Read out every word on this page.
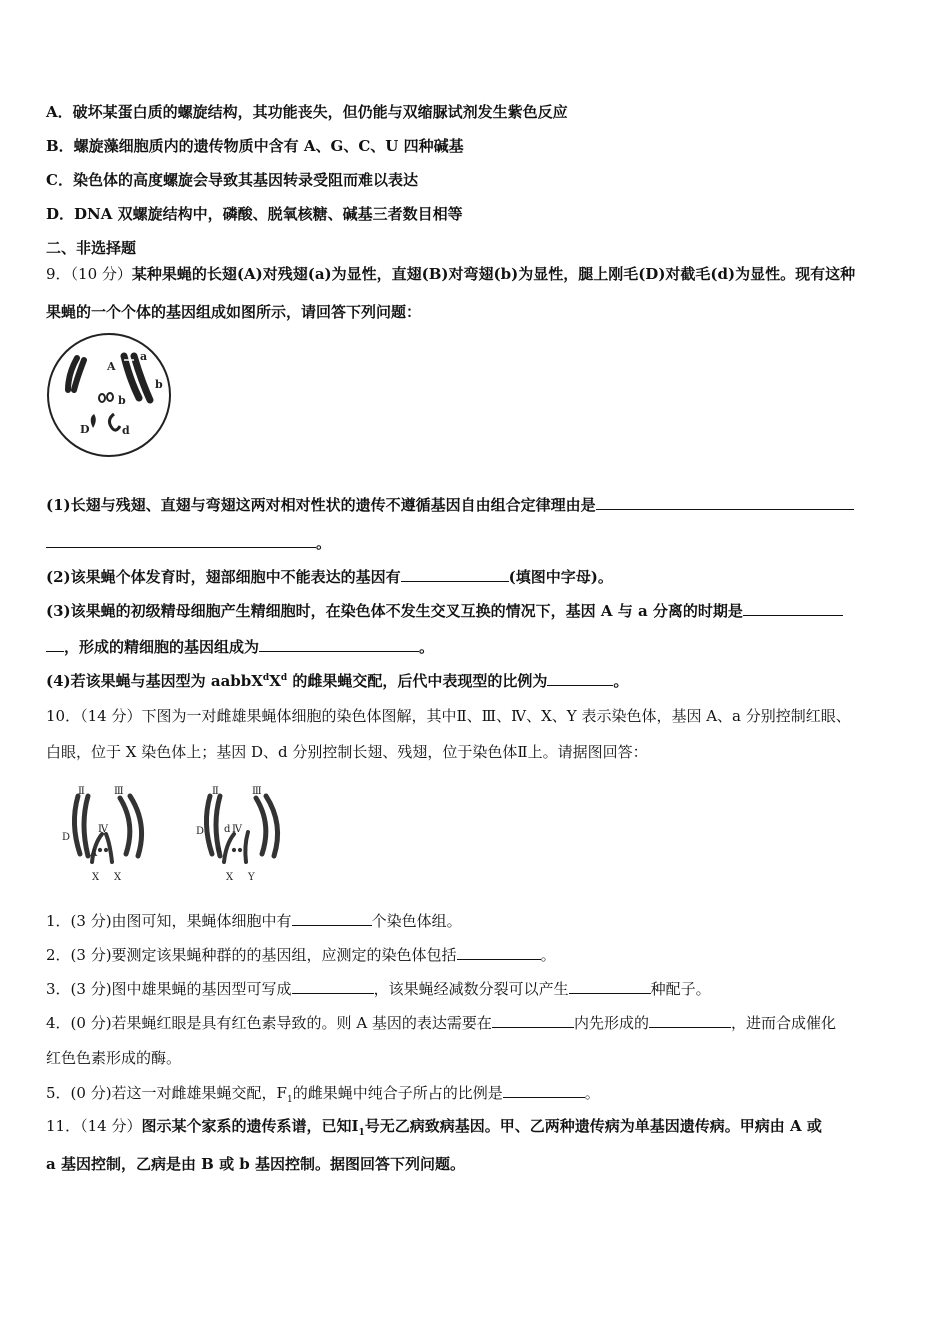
A．破坏某蛋白质的螺旋结构，其功能丧失，但仍能与双缩脲试剂发生紫色反应
B．螺旋藻细胞质内的遗传物质中含有 A、G、C、U 四种碱基
C．染色体的高度螺旋会导致其基因转录受阻而难以表达
D．DNA 双螺旋结构中，磷酸、脱氧核糖、碱基三者数目相等
二、非选择题
9．（10 分）某种果蝇的长翅(A)对残翅(a)为显性，直翅(B)对弯翅(b)为显性，腿上刚毛(D)对截毛(d)为显性。现有这种
果蝇的一个个体的基因组成如图所示，请回答下列问题：
A
a
b
b
D	d
(1)长翅与残翅、直翅与弯翅这两对相对性状的遗传不遵循基因自由组合定律理由是
。
(2)该果蝇个体发育时，翅部细胞中不能表达的基因有	(填图中字母)。
(3)该果蝇的初级精母细胞产生精细胞时，在染色体不发生交叉互换的情况下，基因 A 与 a 分离的时期是
，形成的精细胞的基因组成为	。
(4)若该果蝇与基因型为 $aabbX^dX^d$ 的雌果蝇交配，后代中表现型的比例为	。
10．（14 分）下图为一对雌雄果蝇体细胞的染色体图解，其中Ⅱ、Ⅲ、Ⅳ、X、Y 表示染色体，基因 A、a 分别控制红眼、
白眼，位于 X 染色体上；基因 D、d 分别控制长翅、残翅，位于染色体Ⅱ上。请据图回答：
Ⅱ	Ⅲ
Ⅳ
D
A
X X
Ⅱ	Ⅲ
Ⅳ
D d
a
X Y
1．(3 分)由图可知，果蝇体细胞中有	个染色体组。
2．(3 分)要测定该果蝇种群的的基因组，应测定的染色体包括	。
3．(3 分)图中雄果蝇的基因型可写成	，该果蝇经减数分裂可以产生	种配子。
4．(0 分)若果蝇红眼是具有红色素导致的。则 A 基因的表达需要在	内先形成的	，进而合成催化
红色色素形成的酶。
5．(0 分)若这一对雌雄果蝇交配，$F_1$的雌果蝇中纯合子所占的比例是	。
11．（14 分）图示某个家系的遗传系谱，已知$Ⅰ_1$号无乙病致病基因。甲、乙两种遗传病为单基因遗传病。甲病由 A 或
a 基因控制，乙病是由 B 或 b 基因控制。据图回答下列问题。
